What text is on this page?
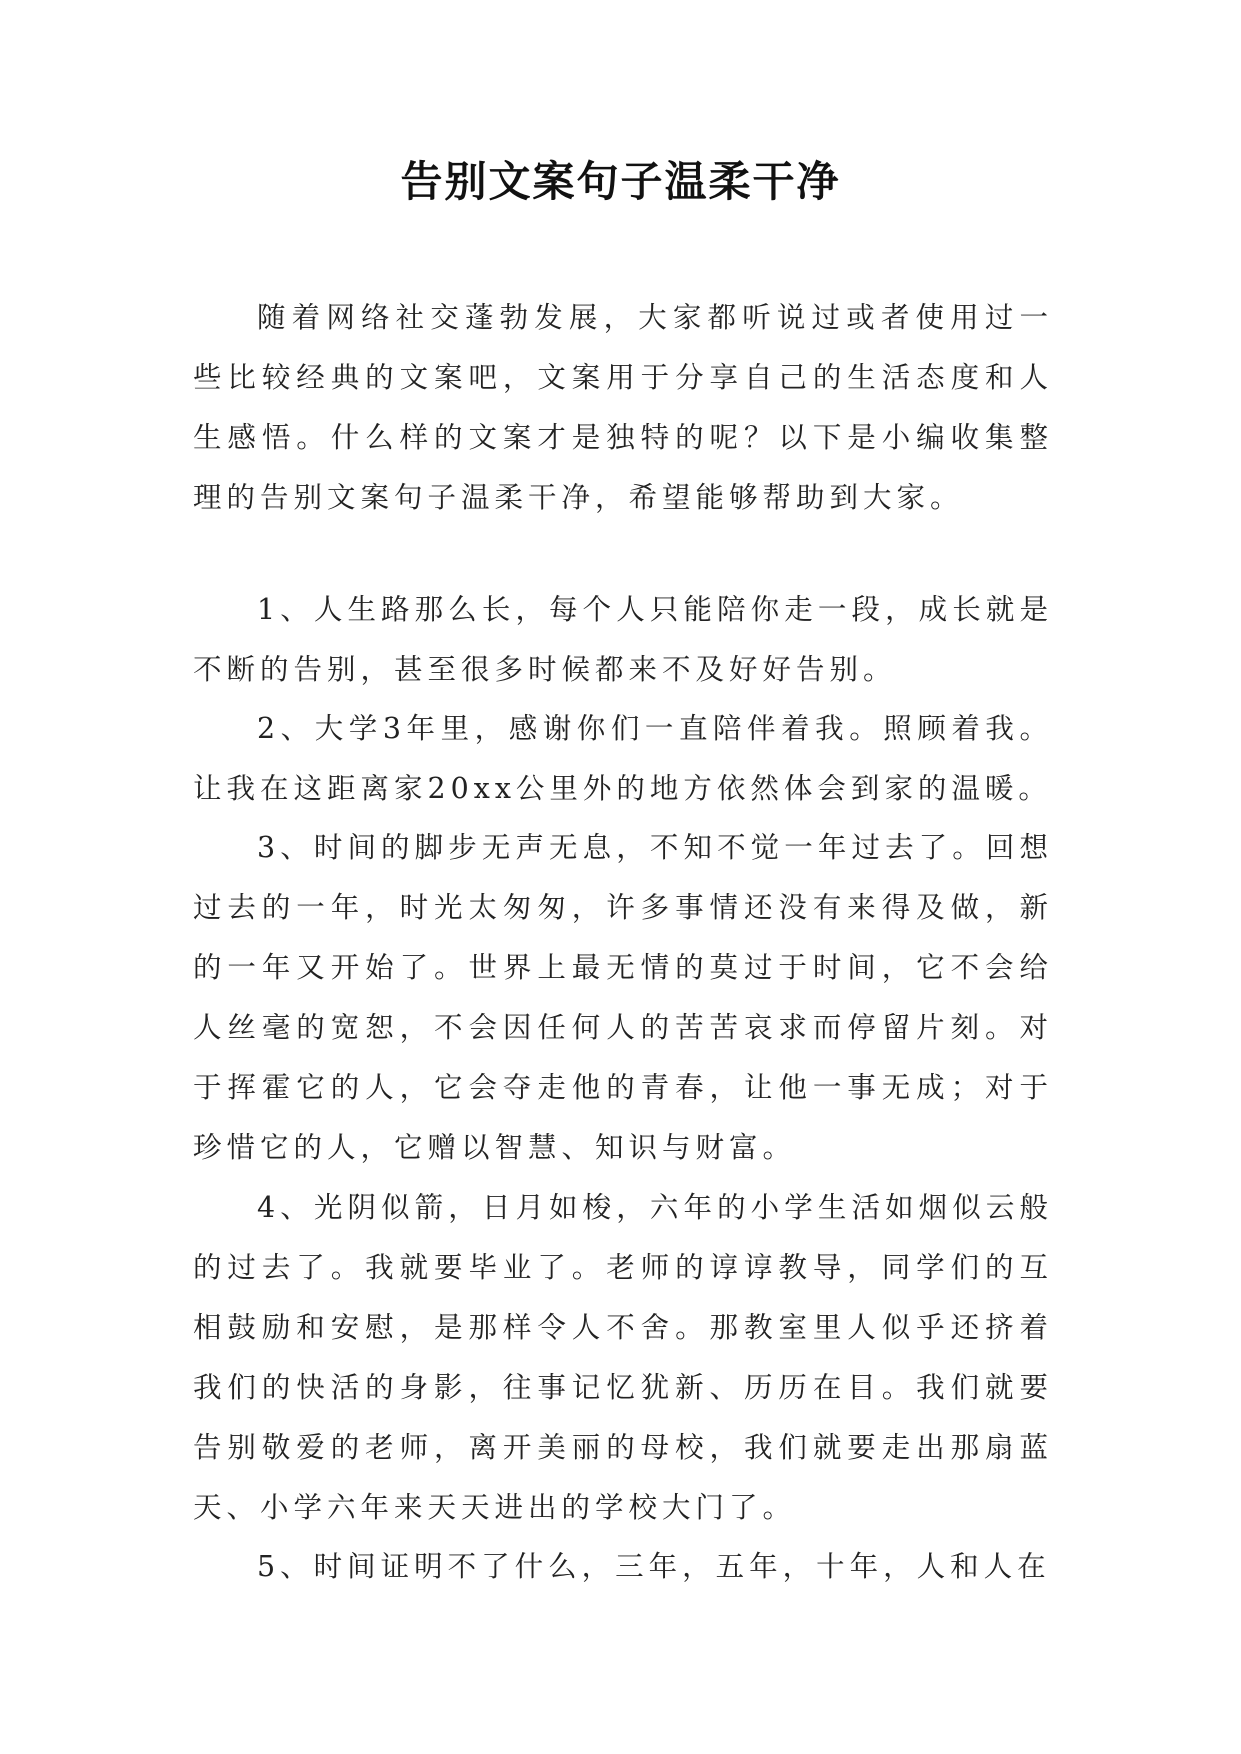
告别文案句子温柔干净

随着网络社交蓬勃发展，大家都听说过或者使用过一些比较经典的文案吧，文案用于分享自己的生活态度和人生感悟。什么样的文案才是独特的呢？以下是小编收集整理的告别文案句子温柔干净，希望能够帮助到大家。

1、人生路那么长，每个人只能陪你走一段，成长就是不断的告别，甚至很多时候都来不及好好告别。

2、大学3年里，感谢你们一直陪伴着我。照顾着我。让我在这距离家20xx公里外的地方依然体会到家的温暖。

3、时间的脚步无声无息，不知不觉一年过去了。回想过去的一年，时光太匆匆，许多事情还没有来得及做，新的一年又开始了。世界上最无情的莫过于时间，它不会给人丝毫的宽恕，不会因任何人的苦苦哀求而停留片刻。对于挥霍它的人，它会夺走他的青春，让他一事无成；对于珍惜它的人，它赠以智慧、知识与财富。

4、光阴似箭，日月如梭，六年的小学生活如烟似云般的过去了。我就要毕业了。老师的谆谆教导，同学们的互相鼓励和安慰，是那样令人不舍。那教室里人似乎还挤着我们的快活的身影，往事记忆犹新、历历在目。我们就要告别敬爱的老师，离开美丽的母校，我们就要走出那扇蓝天、小学六年来天天进出的学校大门了。

5、时间证明不了什么，三年，五年，十年，人和人在
